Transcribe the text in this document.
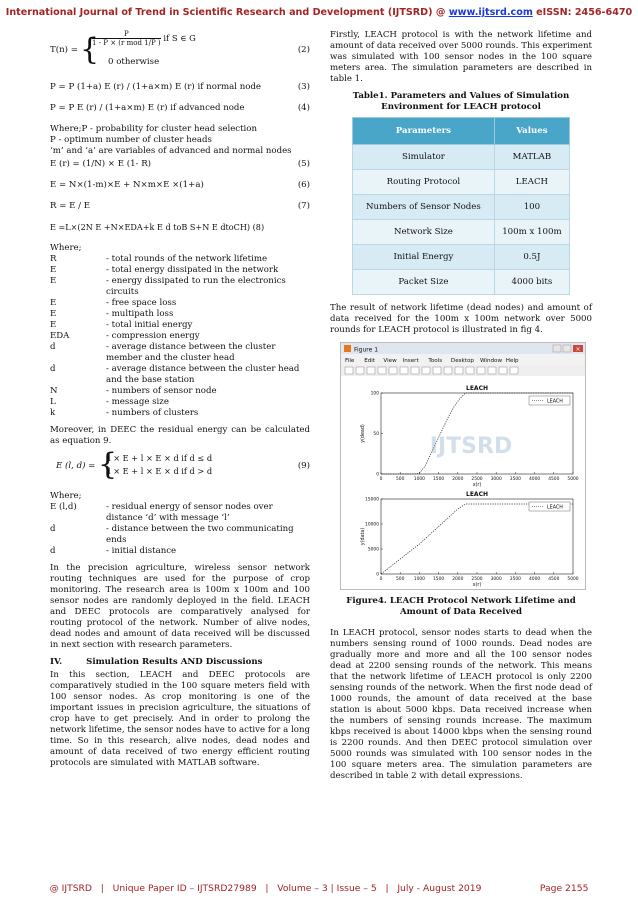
International Journal of Trend in Scientific Research and Development (IJTSRD) @ www.ijtsrd.com eISSN: 2456-6470
T(n) = {
$\frac{P}{\text{1 - P × (r mod 1/P )}}$ if S ∈ G
0 otherwise
(2)
P = P (1+a) E (r) / (1+a×m) E (r) if normal node	(3)
P = P E (r) / (1+a×m) E (r) if advanced node	(4)
Where;P - probability for cluster head selection
P - optimum number of cluster heads
‘m’ and ‘a’ are variables of advanced and normal nodes
E (r) = (1/N) × E (1- R)	(5)
E = N×(1-m)×E + N×m×E ×(1+a)	(6)
R = E / E	(7)
E =L×(2N E +N×EDA+k E d toB S+N E dtoCH) (8)
Where;
R	- total rounds of the network lifetime
E	- total energy dissipated in the network
E	- energy dissipated to run the electronics circuits
E	- free space loss
E	- multipath loss
E	- total initial energy
EDA	- compression energy
d	- average distance between the cluster member and the cluster head
d	- average distance between the cluster head and the base station
N	- numbers of sensor node
L	- message size
k	- numbers of clusters

Moreover, in DEEC the residual energy can be calculated as equation 9.

E (l, d) = {
l × E + l × E × d if d ≤ d
l × E + l × E × d if d > d	(9)
Where;
E (l,d)	- residual energy of sensor nodes over distance ‘d’ with message ‘l’
d	- distance between the two communicating ends
d	- initial distance

In the precision agriculture, wireless sensor network routing techniques are used for the purpose of crop monitoring. The research area is 100m x 100m and 100 sensor nodes are randomly deployed in the field. LEACH and DEEC protocols are comparatively analysed for routing protocol of the network. Number of alive nodes, dead nodes and amount of data received will be discussed in next section with research parameters.

IV.        Simulation Results AND Discussions

In this section, LEACH and DEEC protocols are comparatively studied in the 100 square meters field with 100 sensor nodes. As crop monitoring is one of the important issues in precision agriculture, the situations of crop have to get precisely. And in order to prolong the network lifetime, the sensor nodes have to active for a long time. So in this research, alive nodes, dead nodes and amount of data received of two energy efficient routing protocols are simulated with MATLAB software.

Firstly, LEACH protocol is with the network lifetime and amount of data received over 5000 rounds. This experiment was simulated with 100 sensor nodes in the 100 square meters area. The simulation parameters are described in table 1.

Table1. Parameters and Values of Simulation Environment for LEACH protocol
Parameters	Values
Simulator	MATLAB
Routing Protocol	LEACH
Numbers of Sensor Nodes	100
Network Size	100m x 100m
Initial Energy	0.5J
Packet Size	4000 bits

The result of network lifetime (dead nodes) and amount of data received for the 100m x 100m network over 5000 rounds for LEACH protocol is illustrated in fig 4.

Figure 1	×
File Edit View Insert Tools Desktop Window Help
LEACH
0	500 1000 1500 2000 2500 3000 3500 4000 4500 5000
0
50
100
x(r)
y(dead)
LEACH
LEACH
0	500 1000 1500 2000 2500 3000 3500 4000 4500 5000
0
5000
10000
15000
x(r)
y(data)
LEACH
IJTSRD
Figure4. LEACH Protocol Network Lifetime and Amount of Data Received

In LEACH protocol, sensor nodes starts to dead when the numbers sensing round of 1000 rounds. Dead nodes are gradually more and more and all the 100 sensor nodes dead at 2200 sensing rounds of the network. This means that the network lifetime of LEACH protocol is only 2200 sensing rounds of the network. When the first node dead of 1000 rounds, the amount of data received at the base station is about 5000 kbps. Data received increase when the numbers of sensing rounds increase. The maximum kbps received is about 14000 kbps when the sensing round is 2200 rounds. And then DEEC protocol simulation over 5000 rounds was simulated with 100 sensor nodes in the 100 square meters area. The simulation parameters are described in table 2 with detail expressions.

@ IJTSRD   |   Unique Paper ID – IJTSRD27989   |   Volume – 3 | Issue – 5   |   July - August 2019	Page 2155
